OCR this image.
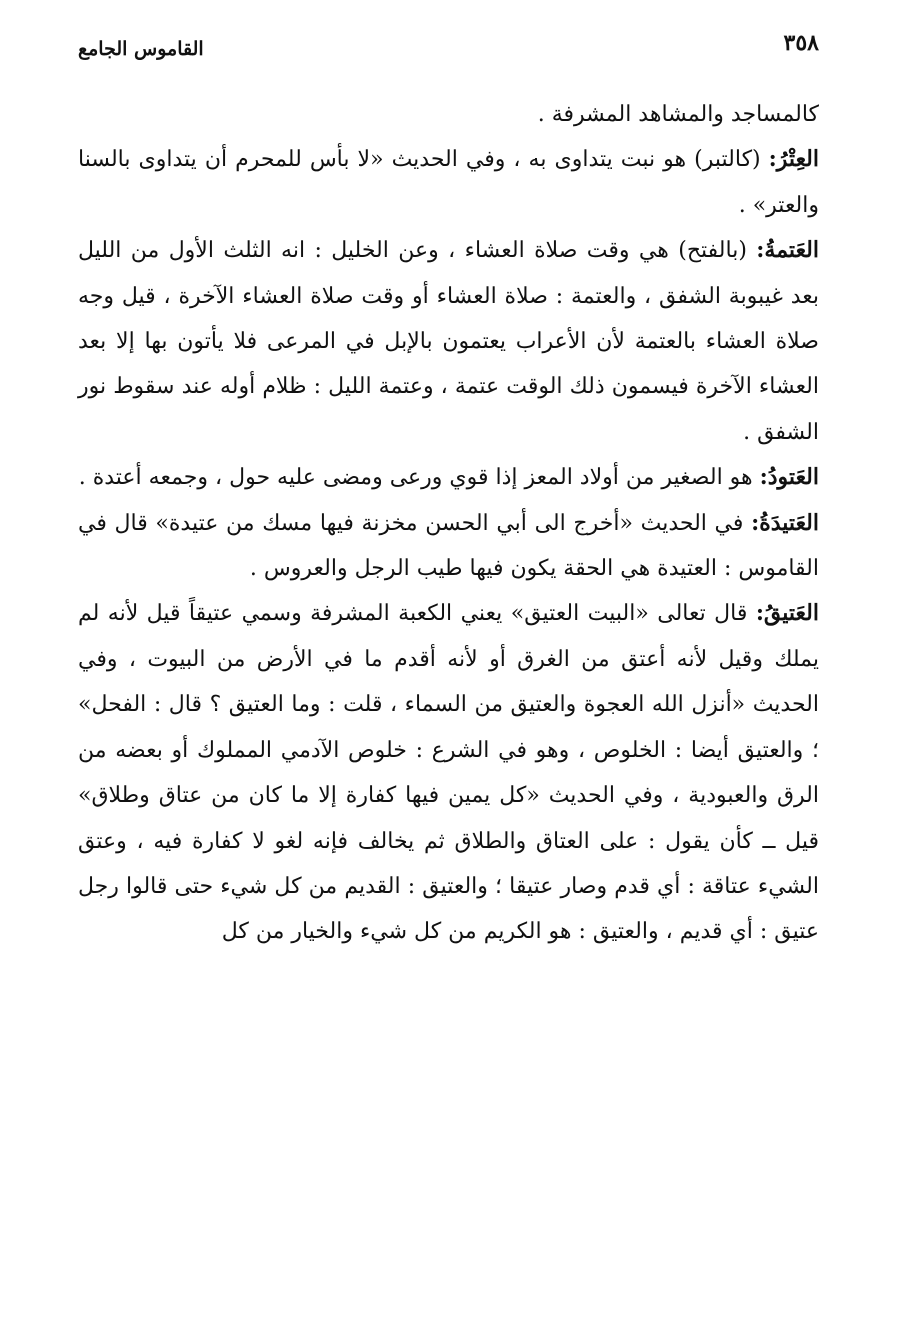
٣٥٨
القاموس الجامع

كالمساجد والمشاهد المشرفة .

العِتْرُ: (كالتبر) هو نبت يتداوى به ، وفي الحديث «لا بأس للمحرم أن يتداوى بالسنا والعتر» .

العَتمةُ: (بالفتح) هي وقت صلاة العشاء ، وعن الخليل : انه الثلث الأول من الليل بعد غيبوبة الشفق ، والعتمة : صلاة العشاء أو وقت صلاة العشاء الآخرة ، قيل وجه صلاة العشاء بالعتمة لأن الأعراب يعتمون بالإبل في المرعى فلا يأتون بها إلا بعد العشاء الآخرة فيسمون ذلك الوقت عتمة ، وعتمة الليل : ظلام أوله عند سقوط نور الشفق .

العَتودُ: هو الصغير من أولاد المعز إذا قوي ورعى ومضى عليه حول ، وجمعه أعتدة .

العَتيدَةُ: في الحديث «أخرج الى أبي الحسن مخزنة فيها مسك من عتيدة» قال في القاموس : العتيدة هي الحقة يكون فيها طيب الرجل والعروس .

العَتيقُ: قال تعالى «البيت العتيق» يعني الكعبة المشرفة وسمي عتيقاً قيل لأنه لم يملك وقيل لأنه أعتق من الغرق أو لأنه أقدم ما في الأرض من البيوت ، وفي الحديث «أنزل الله العجوة والعتيق من السماء ، قلت : وما العتيق ؟ قال : الفحل» ؛ والعتيق أيضا : الخلوص ، وهو في الشرع : خلوص الآدمي المملوك أو بعضه من الرق والعبودية ، وفي الحديث «كل يمين فيها كفارة إلا ما كان من عتاق وطلاق» قيل ــ كأن يقول : على العتاق والطلاق ثم يخالف فإنه لغو لا كفارة فيه ، وعتق الشيء عتاقة : أي قدم وصار عتيقا ؛ والعتيق : القديم من كل شيء حتى قالوا رجل عتيق : أي قديم ، والعتيق : هو الكريم من كل شيء والخيار من كل
